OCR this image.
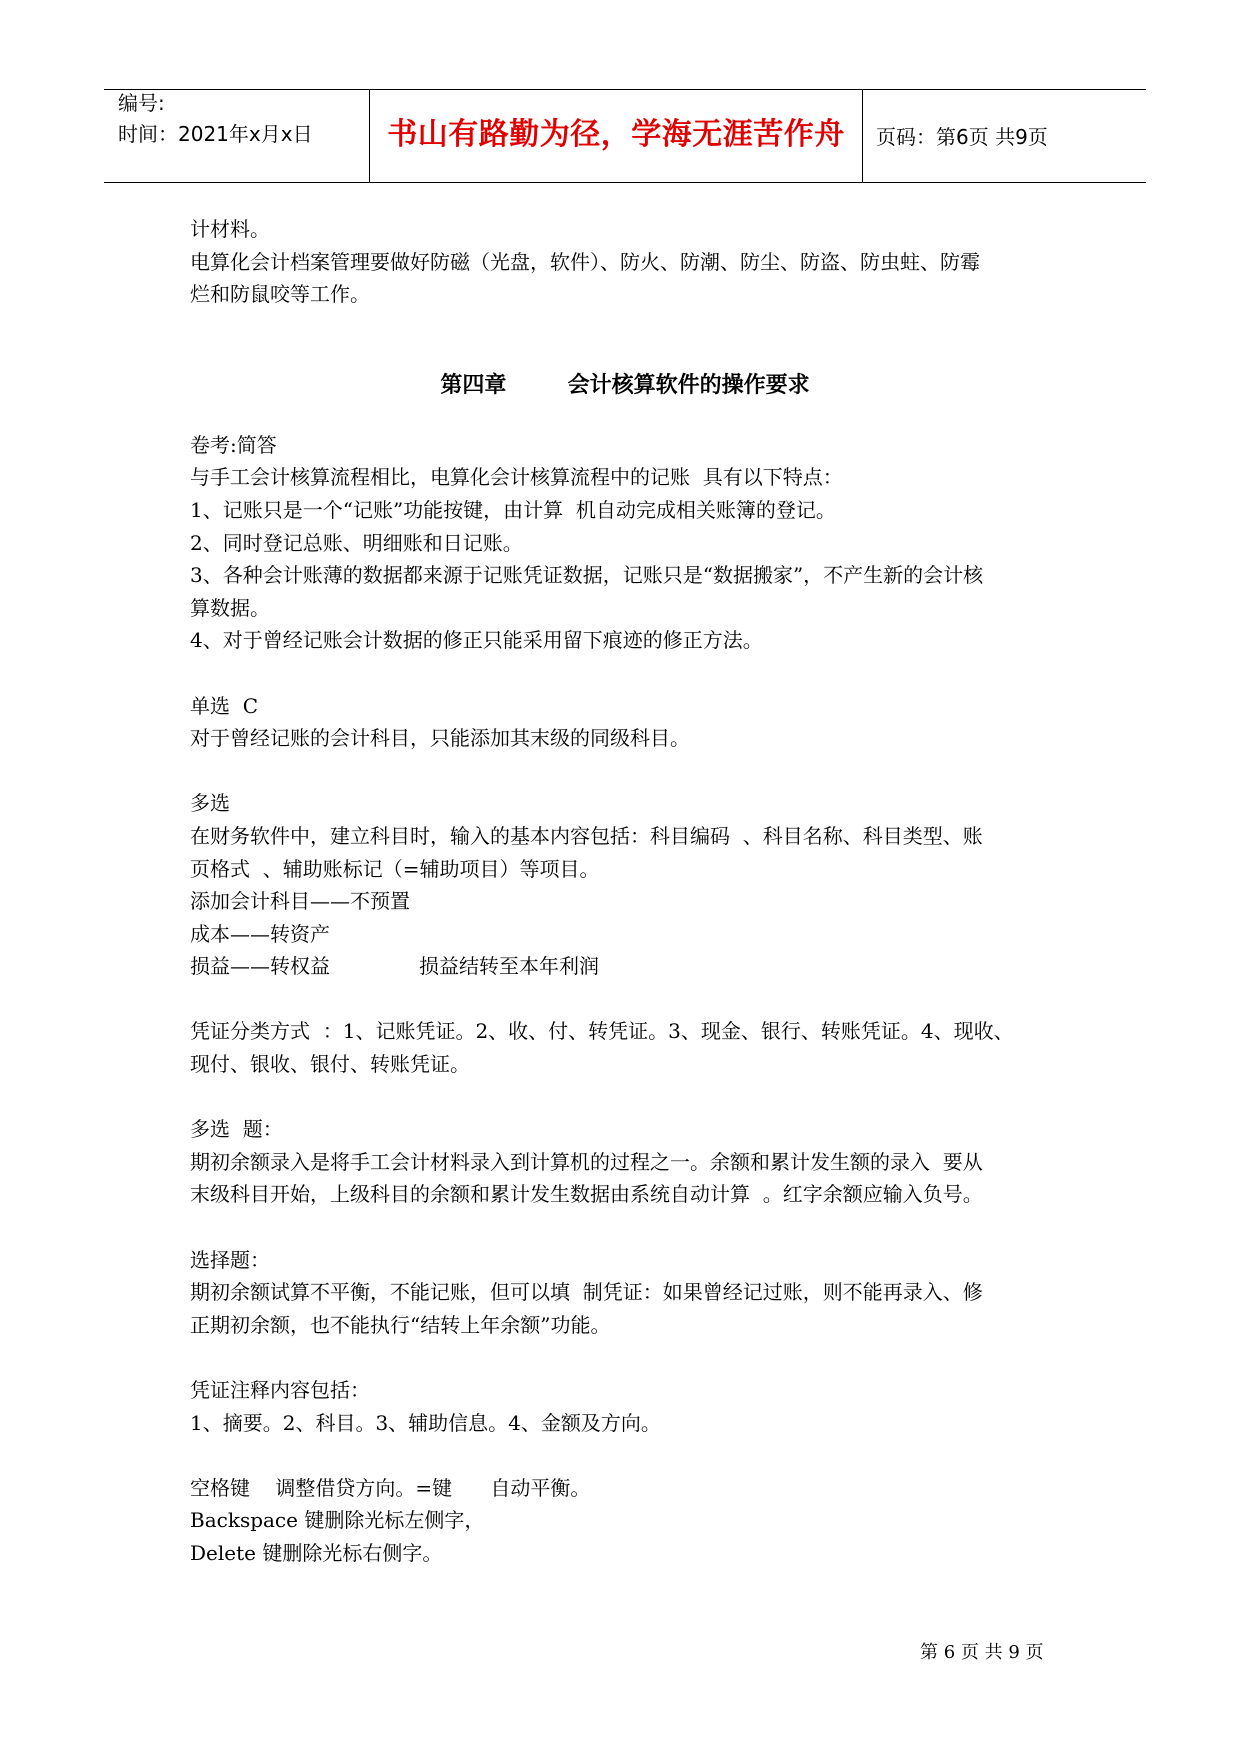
编号:
时间：2021年x月x日	书山有路勤为径，学海无涯苦作舟	页码：第6页 共9页

计材料。

电算化会计档案管理要做好防磁（光盘，软件）、防火、防潮、防尘、防盗、防虫蛀、防霉

烂和防鼠咬等工作。

第四章        会计核算软件的操作要求

卷考:简答

与手工会计核算流程相比，电算化会计核算流程中的记账  具有以下特点：

1、记账只是一个“记账”功能按键，由计算  机自动完成相关账簿的登记。

2、同时登记总账、明细账和日记账。

3、各种会计账薄的数据都来源于记账凭证数据，记账只是“数据搬家”，不产生新的会计核

算数据。

4、对于曾经记账会计数据的修正只能采用留下痕迹的修正方法。

单选  C

对于曾经记账的会计科目，只能添加其末级的同级科目。

多选

在财务软件中，建立科目时，输入的基本内容包括：科目编码  、科目名称、科目类型、账

页格式  、辅助账标记（=辅助项目）等项目。

添加会计科目——不预置

成本——转资产

损益——转权益              损益结转至本年利润

凭证分类方式  ：1、记账凭证。2、收、付、转凭证。3、现金、银行、转账凭证。4、现收、

现付、银收、银付、转账凭证。

多选  题：

期初余额录入是将手工会计材料录入到计算机的过程之一。余额和累计发生额的录入  要从

末级科目开始，上级科目的余额和累计发生数据由系统自动计算  。红字余额应输入负号。

选择题：

期初余额试算不平衡，不能记账，但可以填  制凭证：如果曾经记过账，则不能再录入、修

正期初余额，也不能执行“结转上年余额”功能。

凭证注释内容包括：

1、摘要。2、科目。3、辅助信息。4、金额及方向。

空格键    调整借贷方向。=键      自动平衡。

Backspace 键删除光标左侧字，

Delete 键删除光标右侧字。

第 6 页 共 9 页
